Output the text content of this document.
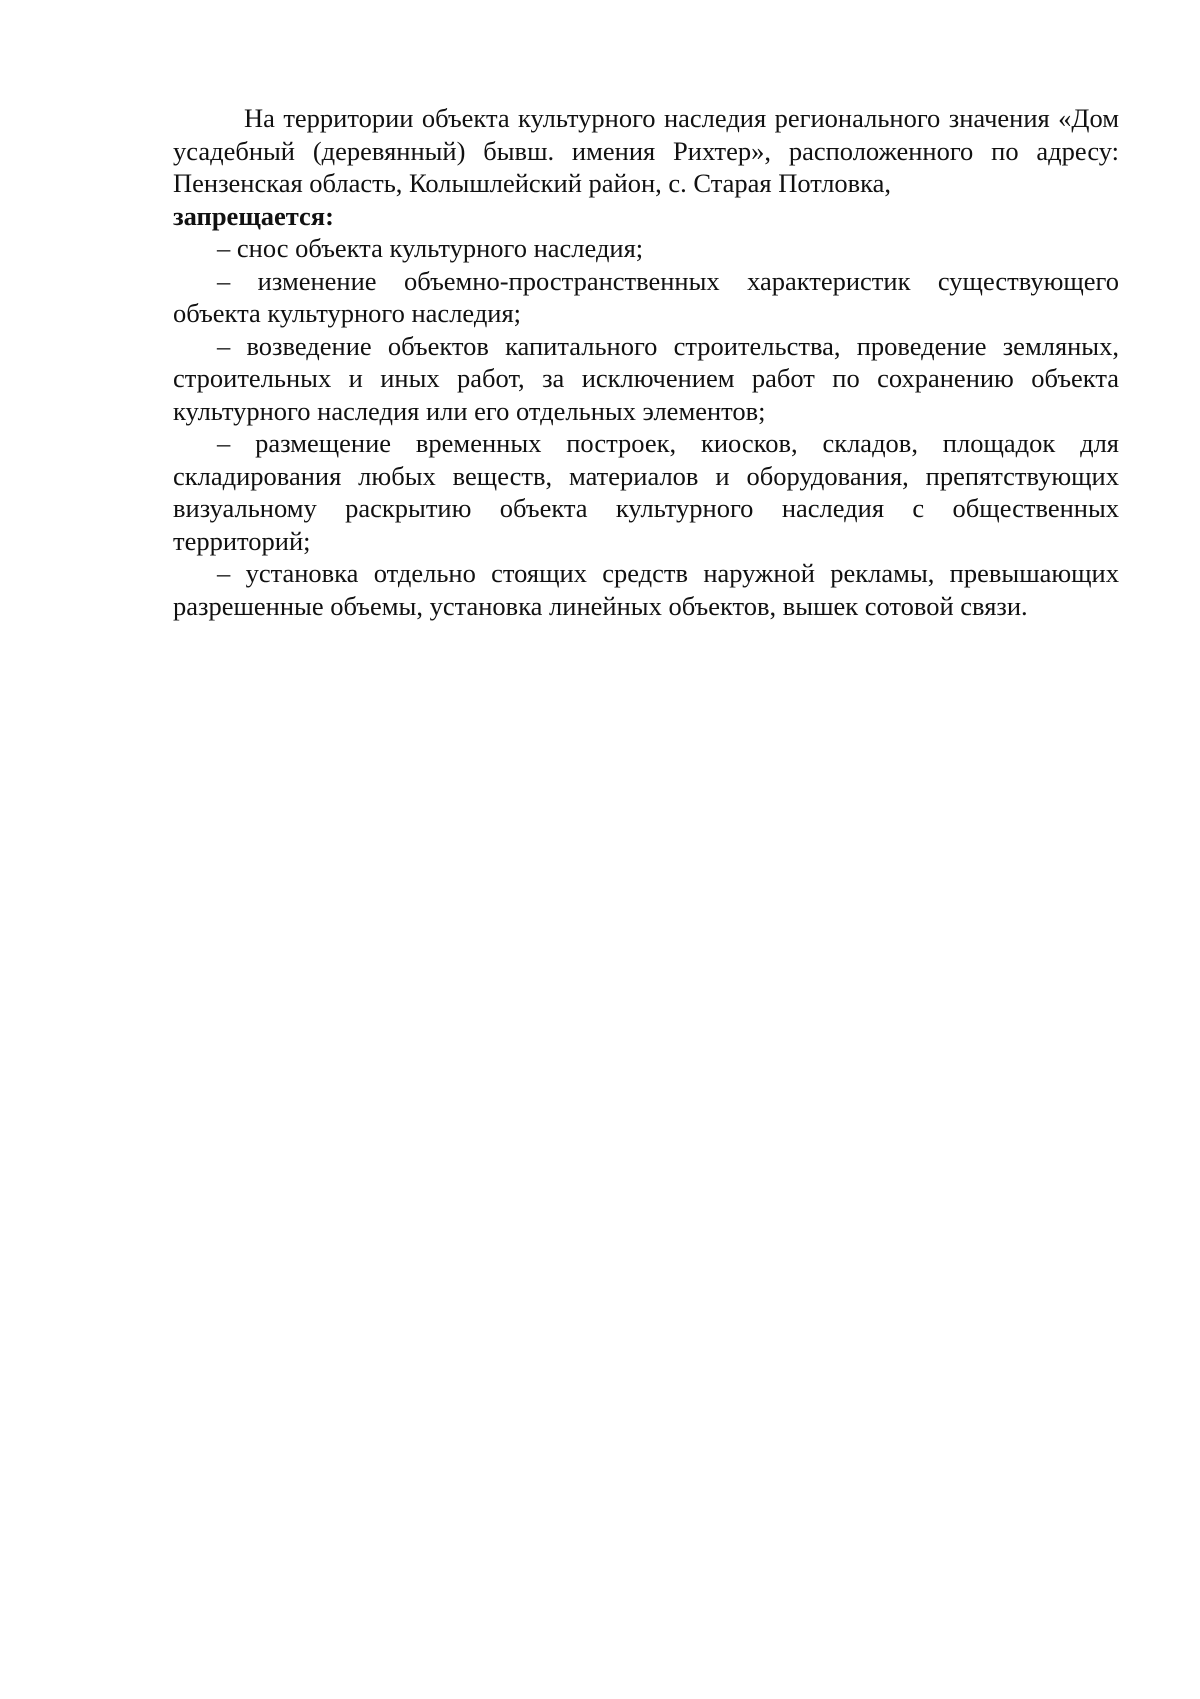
На территории объекта культурного наследия регионального значения «Дом усадебный (деревянный) бывш. имения Рихтер», расположенного по адресу: Пензенская область, Колышлейский район, с. Старая Потловка,
запрещается:

– снос объекта культурного наследия;

– изменение объемно-пространственных характеристик существующего объекта культурного наследия;

– возведение объектов капитального строительства, проведение земляных, строительных и иных работ, за исключением работ по сохранению объекта культурного наследия или его отдельных элементов;

– размещение временных построек, киосков, складов, площадок для складирования любых веществ, материалов и оборудования, препятствующих визуальному раскрытию объекта культурного наследия с общественных территорий;

– установка отдельно стоящих средств наружной рекламы, превышающих разрешенные объемы, установка линейных объектов, вышек сотовой связи.
